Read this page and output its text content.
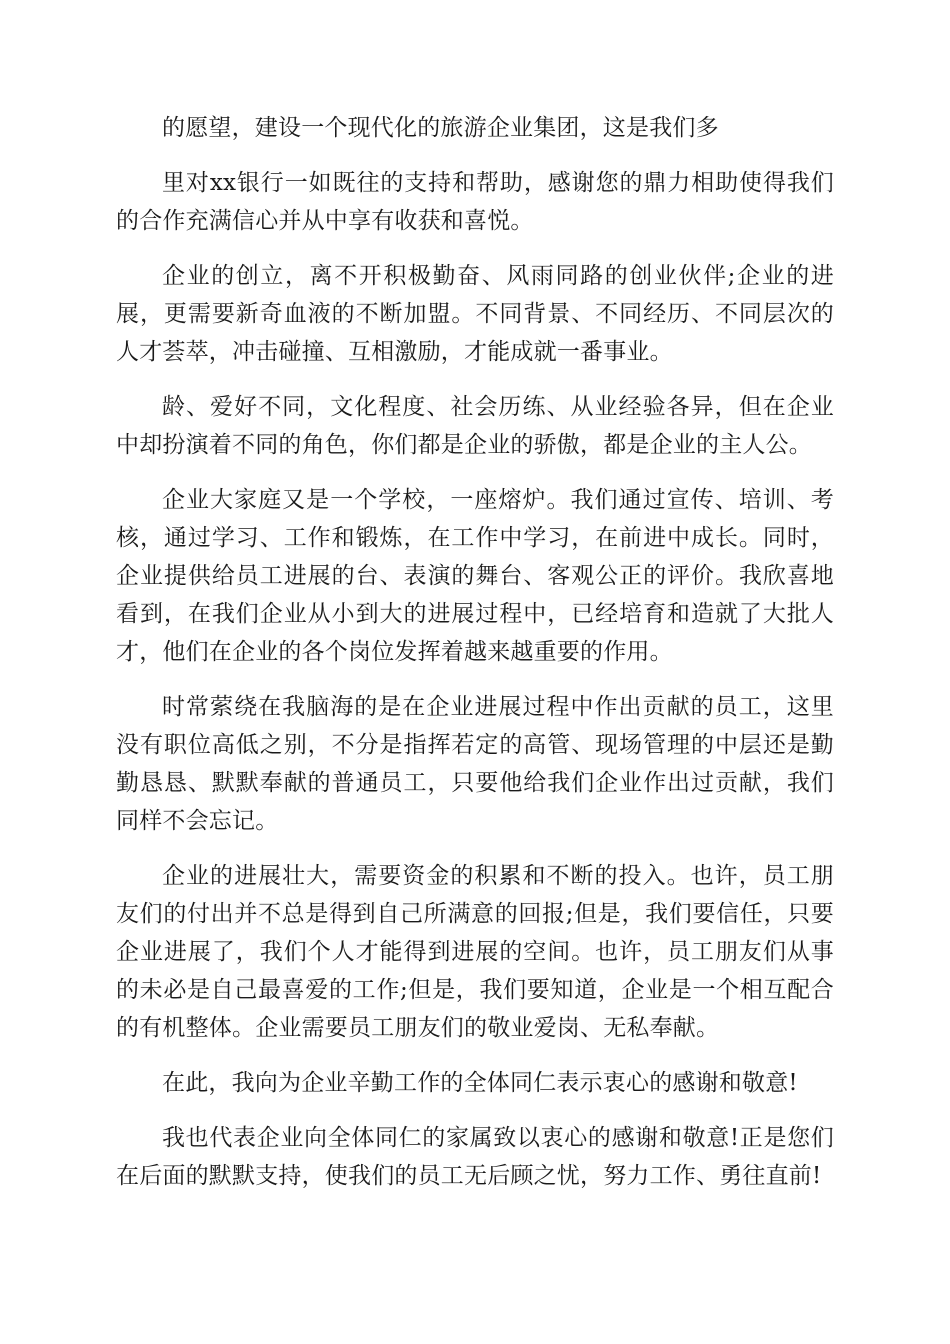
的愿望，建设一个现代化的旅游企业集团，这是我们多

里对xx银行一如既往的支持和帮助，感谢您的鼎力相助使得我们的合作充满信心并从中享有收获和喜悦。

企业的创立，离不开积极勤奋、风雨同路的创业伙伴;企业的进展，更需要新奇血液的不断加盟。不同背景、不同经历、不同层次的人才荟萃，冲击碰撞、互相激励，才能成就一番事业。

龄、爱好不同，文化程度、社会历练、从业经验各异，但在企业中却扮演着不同的角色，你们都是企业的骄傲，都是企业的主人公。

企业大家庭又是一个学校，一座熔炉。我们通过宣传、培训、考核，通过学习、工作和锻炼，在工作中学习，在前进中成长。同时，企业提供给员工进展的台、表演的舞台、客观公正的评价。我欣喜地看到，在我们企业从小到大的进展过程中，已经培育和造就了大批人才，他们在企业的各个岗位发挥着越来越重要的作用。

时常萦绕在我脑海的是在企业进展过程中作出贡献的员工，这里没有职位高低之别，不分是指挥若定的高管、现场管理的中层还是勤勤恳恳、默默奉献的普通员工，只要他给我们企业作出过贡献，我们同样不会忘记。

企业的进展壮大，需要资金的积累和不断的投入。也许，员工朋友们的付出并不总是得到自己所满意的回报;但是，我们要信任，只要企业进展了，我们个人才能得到进展的空间。也许，员工朋友们从事的未必是自己最喜爱的工作;但是，我们要知道，企业是一个相互配合的有机整体。企业需要员工朋友们的敬业爱岗、无私奉献。

在此，我向为企业辛勤工作的全体同仁表示衷心的感谢和敬意!

我也代表企业向全体同仁的家属致以衷心的感谢和敬意!正是您们在后面的默默支持，使我们的员工无后顾之忧，努力工作、勇往直前!
